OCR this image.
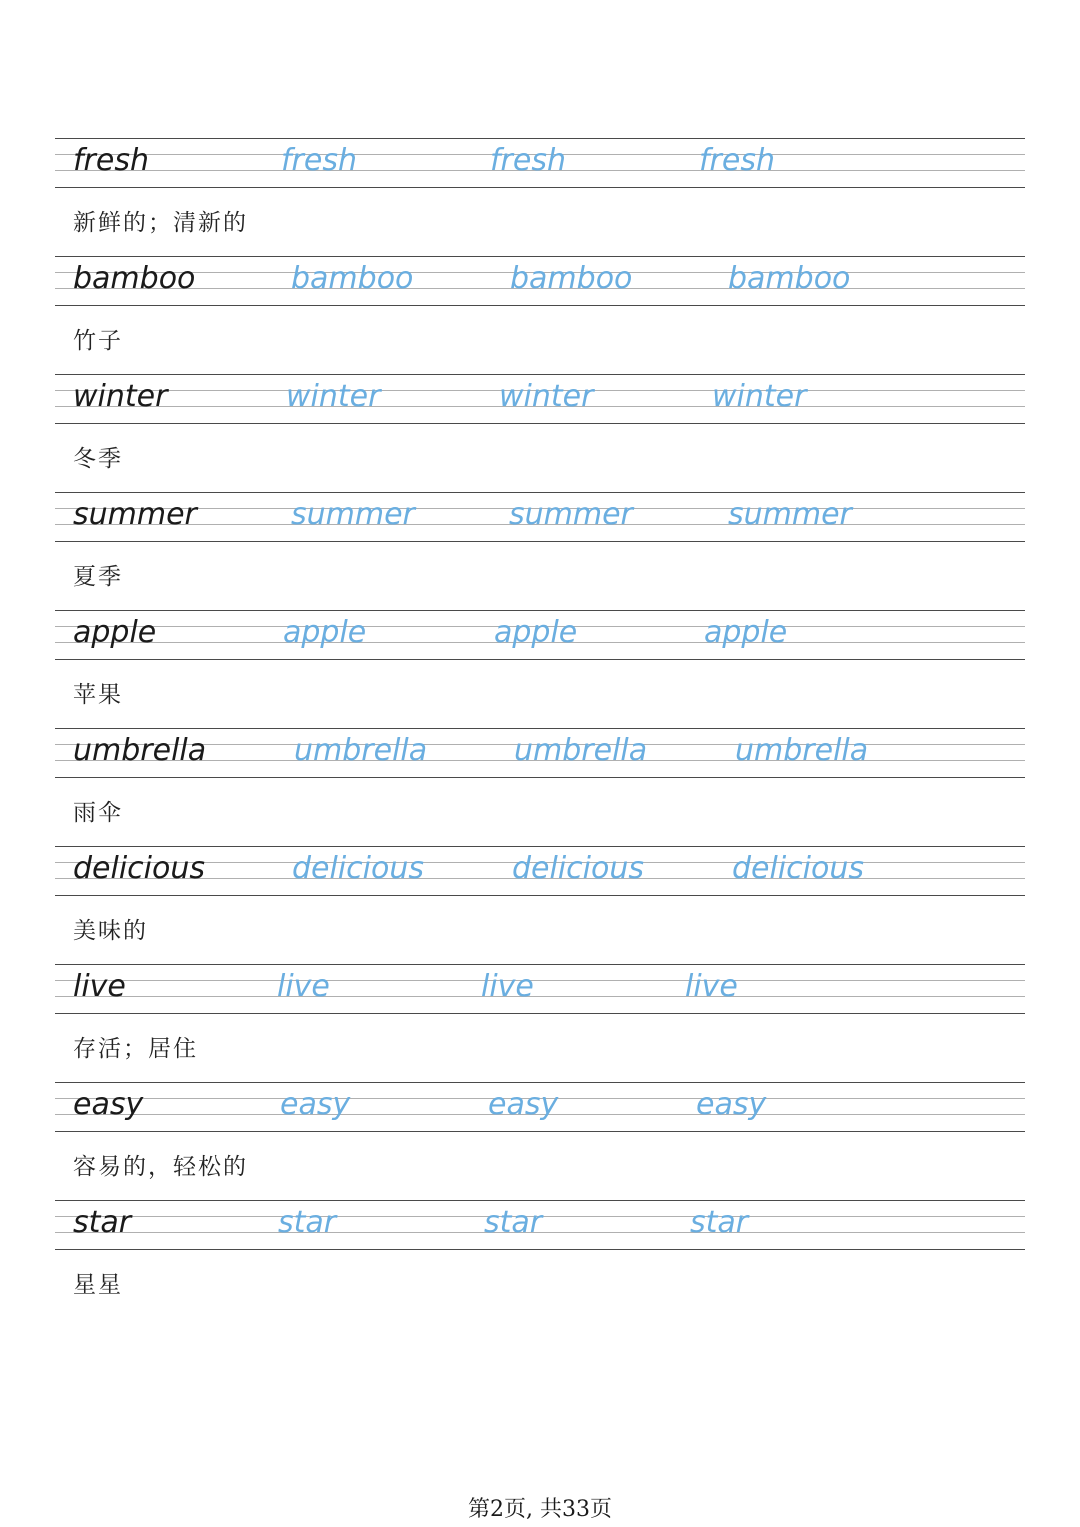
fresh	fresh	fresh	fresh
新鲜的；清新的
bamboo	bamboo	bamboo	bamboo
竹子
winter	winter	winter	winter
冬季
summer	summer	summer	summer
夏季
apple	apple	apple	apple
苹果
umbrella	umbrella	umbrella	umbrella
雨伞
delicious	delicious	delicious	delicious
美味的
live	live	live	live
存活；居住
easy	easy	easy	easy
容易的，轻松的
star	star	star	star
星星
第2页, 共33页
